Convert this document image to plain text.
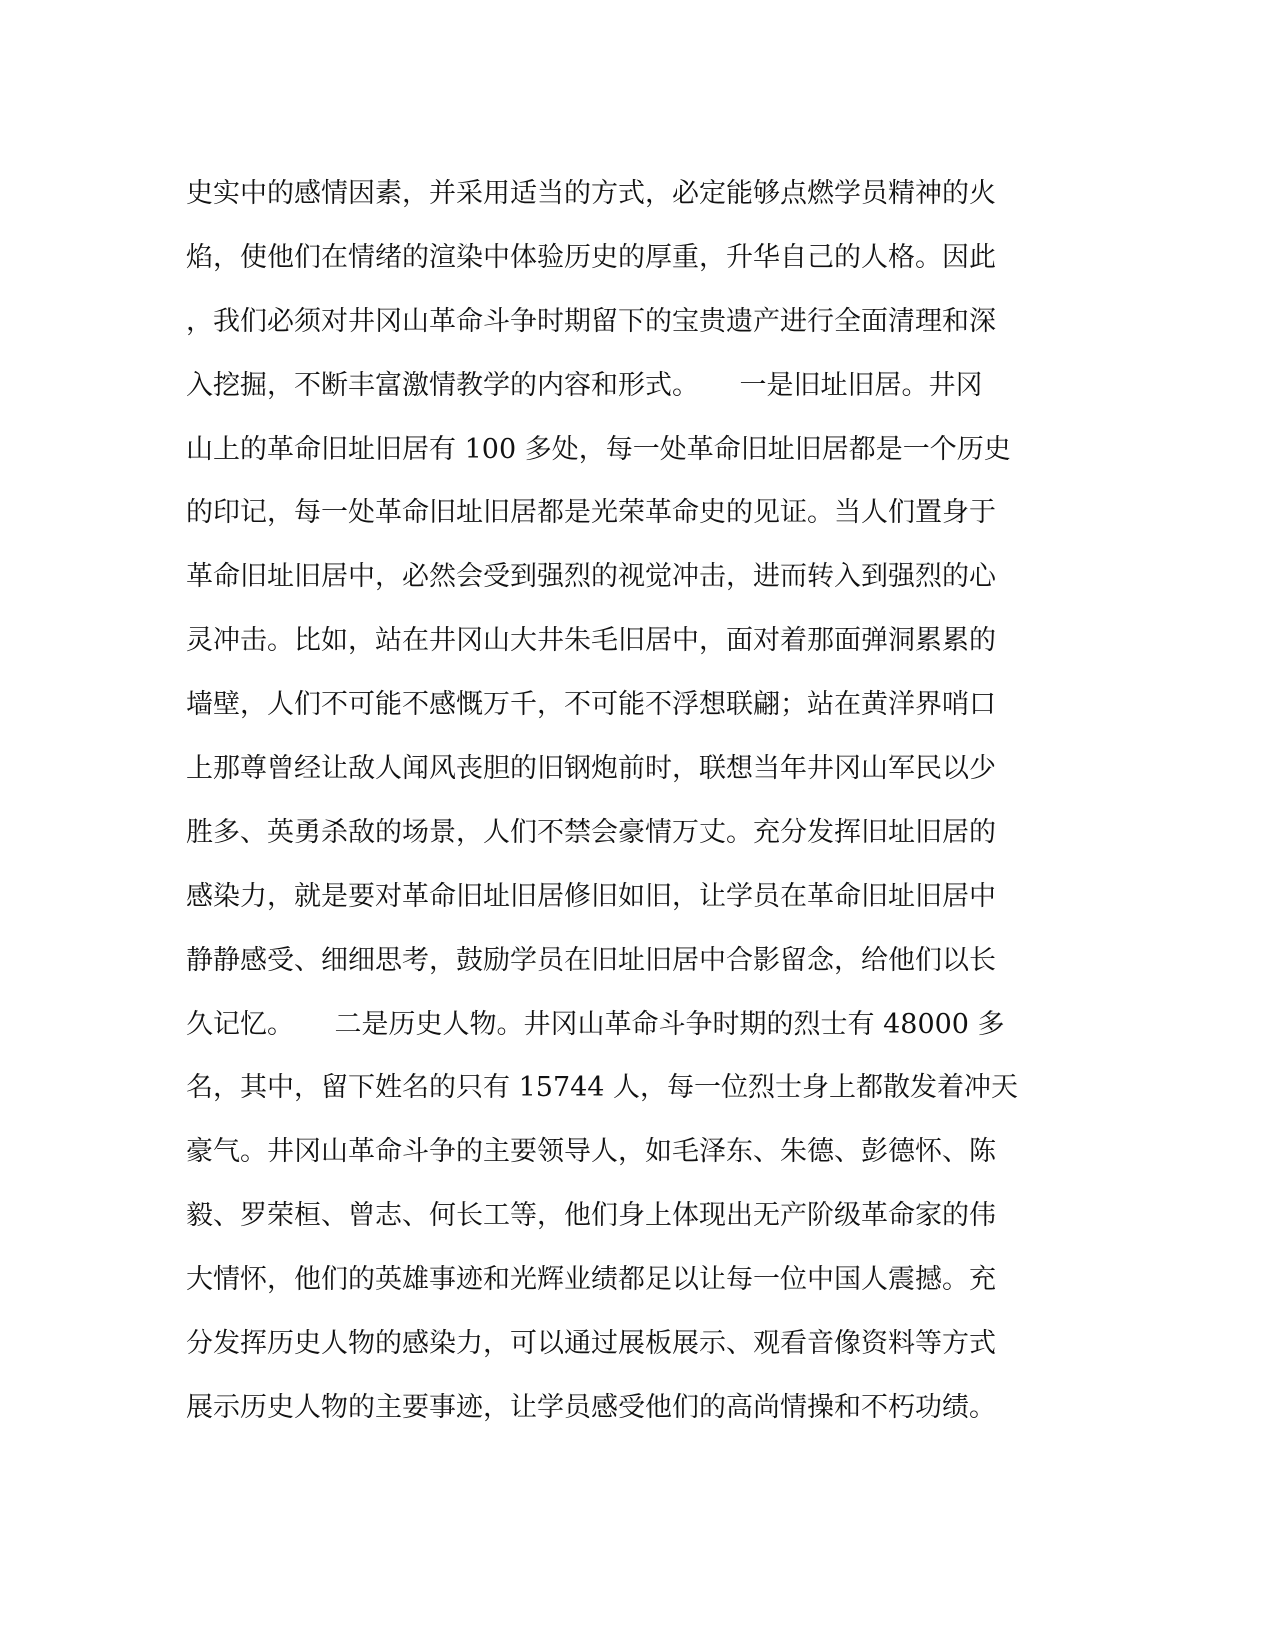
史实中的感情因素，并采用适当的方式，必定能够点燃学员精神的火

焰，使他们在情绪的渲染中体验历史的厚重，升华自己的人格。因此

，我们必须对井冈山革命斗争时期留下的宝贵遗产进行全面清理和深

入挖掘，不断丰富激情教学的内容和形式。　　一是旧址旧居。井冈

山上的革命旧址旧居有 100 多处，每一处革命旧址旧居都是一个历史

的印记，每一处革命旧址旧居都是光荣革命史的见证。当人们置身于

革命旧址旧居中，必然会受到强烈的视觉冲击，进而转入到强烈的心

灵冲击。比如，站在井冈山大井朱毛旧居中，面对着那面弹洞累累的

墙壁，人们不可能不感慨万千，不可能不浮想联翩；站在黄洋界哨口

上那尊曾经让敌人闻风丧胆的旧钢炮前时，联想当年井冈山军民以少

胜多、英勇杀敌的场景，人们不禁会豪情万丈。充分发挥旧址旧居的

感染力，就是要对革命旧址旧居修旧如旧，让学员在革命旧址旧居中

静静感受、细细思考，鼓励学员在旧址旧居中合影留念，给他们以长

久记忆。　　二是历史人物。井冈山革命斗争时期的烈士有 48000 多

名，其中，留下姓名的只有 15744 人，每一位烈士身上都散发着冲天

豪气。井冈山革命斗争的主要领导人，如毛泽东、朱德、彭德怀、陈

毅、罗荣桓、曾志、何长工等，他们身上体现出无产阶级革命家的伟

大情怀，他们的英雄事迹和光辉业绩都足以让每一位中国人震撼。充

分发挥历史人物的感染力，可以通过展板展示、观看音像资料等方式

展示历史人物的主要事迹，让学员感受他们的高尚情操和不朽功绩。
